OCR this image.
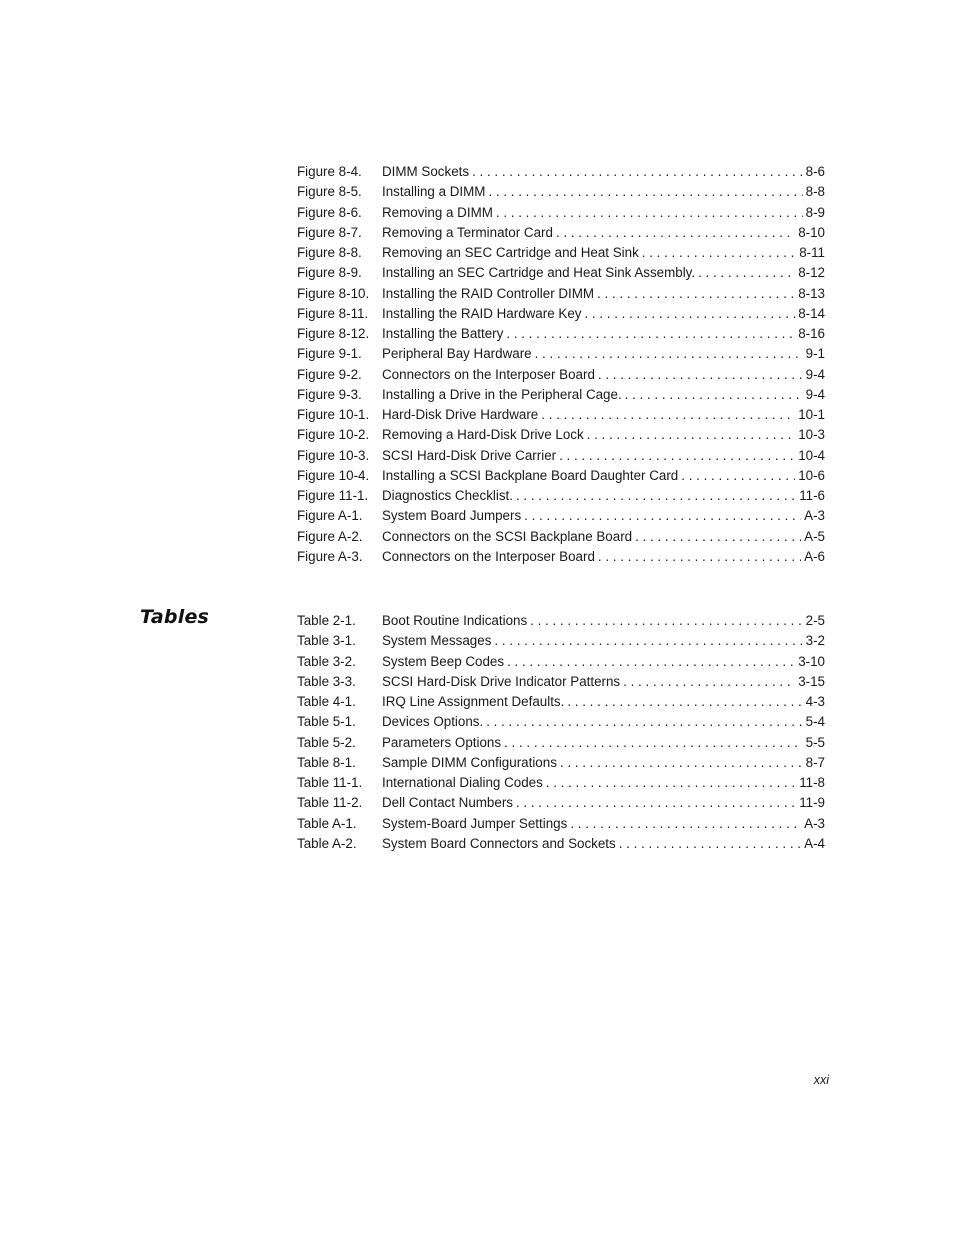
Figure 8-4.	DIMM Sockets . . .	8-6
Figure 8-5.	Installing a DIMM . . .	8-8
Figure 8-6.	Removing a DIMM . . .	8-9
Figure 8-7.	Removing a Terminator Card . . .	8-10
Figure 8-8.	Removing an SEC Cartridge and Heat Sink . . .	8-11
Figure 8-9.	Installing an SEC Cartridge and Heat Sink Assembly. . . .	8-12
Figure 8-10. Installing the RAID Controller DIMM . . .	8-13
Figure 8-11.	Installing the RAID Hardware Key . . .	8-14
Figure 8-12. Installing the Battery . . .	8-16
Figure 9-1.	Peripheral Bay Hardware . . .	9-1
Figure 9-2.	Connectors on the Interposer Board . . .	9-4
Figure 9-3.	Installing a Drive in the Peripheral Cage. . . .	9-4
Figure 10-1. Hard-Disk Drive Hardware . . .	10-1
Figure 10-2. Removing a Hard-Disk Drive Lock . . .	10-3
Figure 10-3. SCSI Hard-Disk Drive Carrier . . .	10-4
Figure 10-4. Installing a SCSI Backplane Board Daughter Card . . .	10-6
Figure 11-1.	Diagnostics Checklist. . . .	11-6
Figure A-1.	System Board Jumpers . . .	A-3
Figure A-2.	Connectors on the SCSI Backplane Board . . .	A-5
Figure A-3.	Connectors on the Interposer Board . . .	A-6
Tables	Table 2-1.	Boot Routine Indications . . .	2-5
Table 3-1.	System Messages . . .	3-2
Table 3-2.	System Beep Codes . . .	3-10
Table 3-3.	SCSI Hard-Disk Drive Indicator Patterns . . .	3-15
Table 4-1.	IRQ Line Assignment Defaults. . . .	4-3
Table 5-1.	Devices Options. . . .	5-4
Table 5-2.	Parameters Options . . .	5-5
Table 8-1.	Sample DIMM Configurations . . .	8-7
Table 11-1.	International Dialing Codes . . .	11-8
Table 11-2.	Dell Contact Numbers . . .	11-9
Table A-1.	System-Board Jumper Settings . . .	A-3
Table A-2.	System Board Connectors and Sockets . . .	A-4
xxi
